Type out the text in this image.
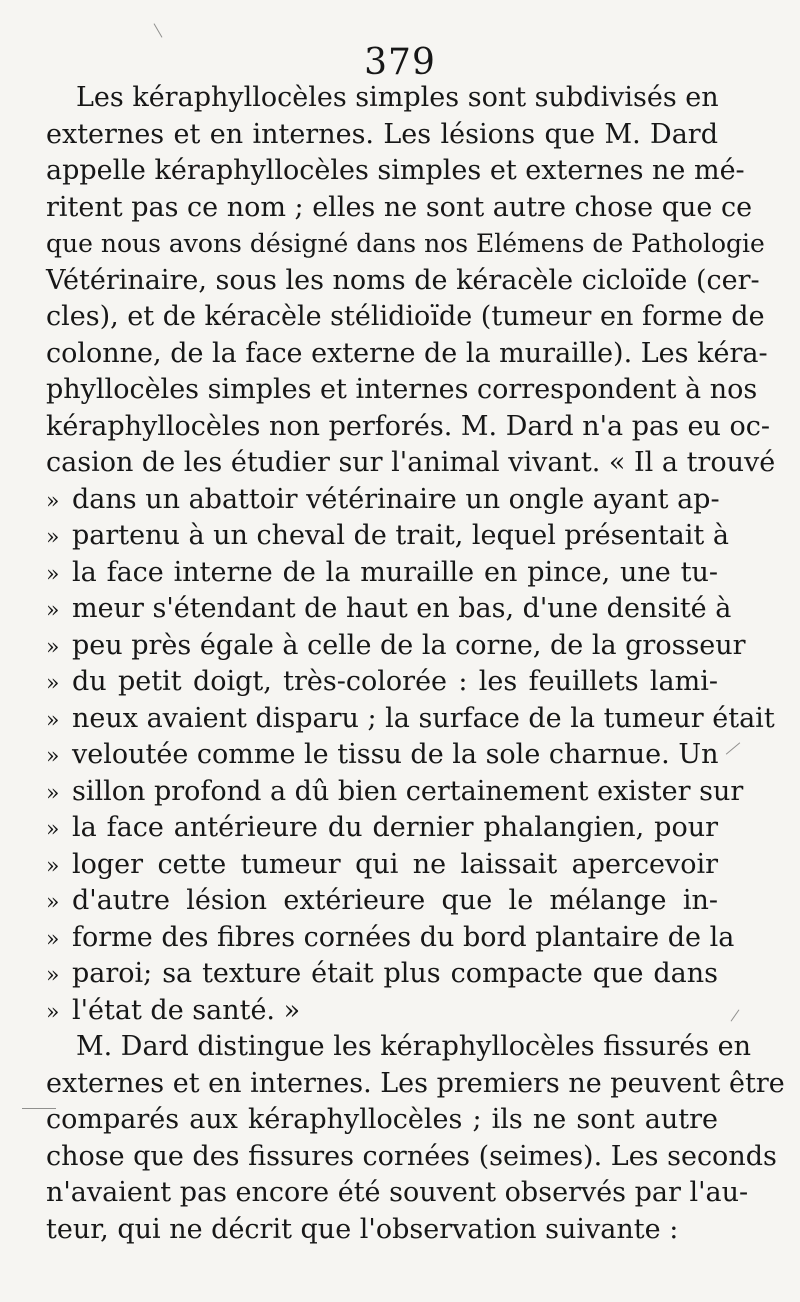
379
Les kéraphyllocèles simples sont subdivisés en
externes et en internes. Les lésions que M. Dard
appelle kéraphyllocèles simples et externes ne mé-
ritent pas ce nom ; elles ne sont autre chose que ce
que nous avons désigné dans nos Elémens de Pathologie
Vétérinaire, sous les noms de kéracèle cicloïde (cer-
cles), et de kéracèle stélidioïde (tumeur en forme de
colonne, de la face externe de la muraille). Les kéra-
phyllocèles simples et internes correspondent à nos
kéraphyllocèles non perforés. M. Dard n'a pas eu oc-
casion de les étudier sur l'animal vivant. « Il a trouvé
» dans un abattoir vétérinaire un ongle ayant ap-
» partenu à un cheval de trait, lequel présentait à
» la face interne de la muraille en pince, une tu-
» meur s'étendant de haut en bas, d'une densité à
» peu près égale à celle de la corne, de la grosseur
» du petit doigt, très-colorée : les feuillets lami-
» neux avaient disparu ; la surface de la tumeur était
» veloutée comme le tissu de la sole charnue. Un
» sillon profond a dû bien certainement exister sur
» la face antérieure du dernier phalangien, pour
» loger cette tumeur qui ne laissait apercevoir
» d'autre lésion extérieure que le mélange in-
» forme des fibres cornées du bord plantaire de la
» paroi; sa texture était plus compacte que dans
» l'état de santé. »
M. Dard distingue les kéraphyllocèles fissurés en
externes et en internes. Les premiers ne peuvent être
comparés aux kéraphyllocèles ; ils ne sont autre
chose que des fissures cornées (seimes). Les seconds
n'avaient pas encore été souvent observés par l'au-
teur, qui ne décrit que l'observation suivante :
